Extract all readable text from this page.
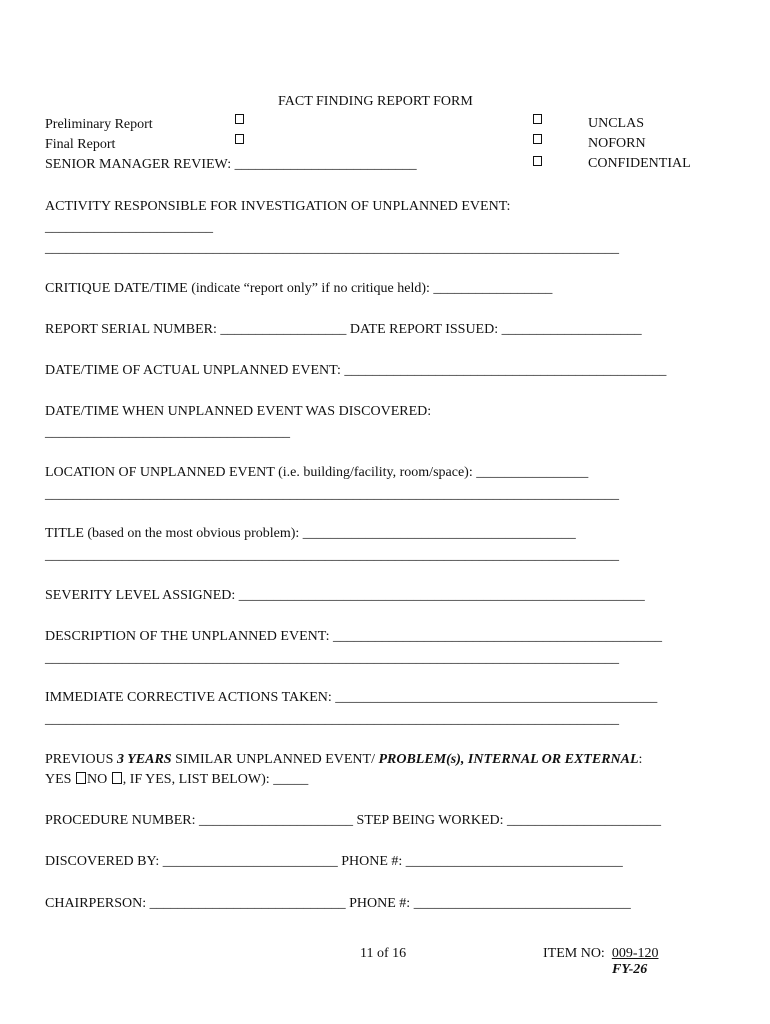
FACT FINDING REPORT FORM
Preliminary Report
Final Report
SENIOR MANAGER REVIEW: __________________________
UNCLAS
NOFORN
CONFIDENTIAL
ACTIVITY RESPONSIBLE FOR INVESTIGATION OF UNPLANNED EVENT:
________________________
__________________________________________________________________________________
CRITIQUE DATE/TIME (indicate “report only” if no critique held): _________________
REPORT SERIAL NUMBER: __________________ DATE REPORT ISSUED: ____________________
DATE/TIME OF ACTUAL UNPLANNED EVENT: ______________________________________________
DATE/TIME WHEN UNPLANNED EVENT WAS DISCOVERED:
___________________________________
LOCATION OF UNPLANNED EVENT (i.e. building/facility, room/space): ________________
__________________________________________________________________________________
TITLE (based on the most obvious problem): _______________________________________
__________________________________________________________________________________
SEVERITY LEVEL ASSIGNED: __________________________________________________________
DESCRIPTION OF THE UNPLANNED EVENT: _______________________________________________
__________________________________________________________________________________
IMMEDIATE CORRECTIVE ACTIONS TAKEN: ______________________________________________
__________________________________________________________________________________
PREVIOUS 3 YEARS SIMILAR UNPLANNED EVENT/ PROBLEM(s), INTERNAL OR EXTERNAL:
YES NO , IF YES, LIST BELOW): _____
PROCEDURE NUMBER: ______________________ STEP BEING WORKED: ______________________
DISCOVERED BY: _________________________ PHONE #: _______________________________
CHAIRPERSON: ____________________________ PHONE #: _______________________________
11 of 16	ITEM NO:  009-120
FY-26
